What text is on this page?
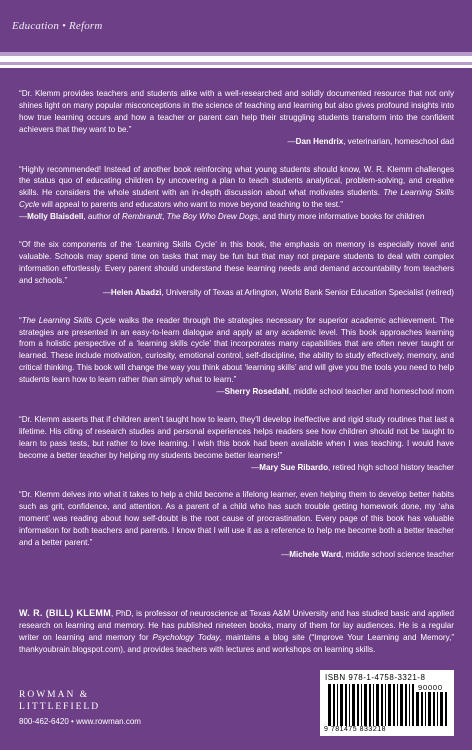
Education • Reform

“Dr. Klemm provides teachers and students alike with a well-researched and solidly documented resource that not only shines light on many popular misconceptions in the science of teaching and learning but also gives profound insights into how true learning occurs and how a teacher or parent can help their struggling students transform into the confident achievers that they want to be.”

—Dan Hendrix, veterinarian, homeschool dad

“Highly recommended! Instead of another book reinforcing what young students should know, W. R. Klemm challenges the status quo of educating children by uncovering a plan to teach students analytical, problem-solving, and creative skills. He considers the whole student with an in-depth discussion about what motivates students. The Learning Skills Cycle will appeal to parents and educators who want to move beyond teaching to the test.”

—Molly Blaisdell, author of Rembrandt, The Boy Who Drew Dogs, and thirty more informative books for children

“Of the six components of the ‘Learning Skills Cycle’ in this book, the emphasis on memory is especially novel and valuable. Schools may spend time on tasks that may be fun but that may not prepare students to deal with complex information effortlessly. Every parent should understand these learning needs and demand accountability from teachers and schools.”

—Helen Abadzi, University of Texas at Arlington, World Bank Senior Education Specialist (retired)

“The Learning Skills Cycle walks the reader through the strategies necessary for superior academic achievement. The strategies are presented in an easy-to-learn dialogue and apply at any academic level. This book approaches learning from a holistic perspective of a ‘learning skills cycle’ that incorporates many capabilities that are often never taught or learned. These include motivation, curiosity, emotional control, self-discipline, the ability to study effectively, memory, and critical thinking. This book will change the way you think about ‘learning skills’ and will give you the tools you need to help students learn how to learn rather than simply what to learn.”

—Sherry Rosedahl, middle school teacher and homeschool mom

“Dr. Klemm asserts that if children aren’t taught how to learn, they’ll develop ineffective and rigid study routines that last a lifetime. His citing of research studies and personal experiences helps readers see how children should not be taught to learn to pass tests, but rather to love learning. I wish this book had been available when I was teaching. I would have become a better teacher by helping my students become better learners!”

—Mary Sue Ribardo, retired high school history teacher

“Dr. Klemm delves into what it takes to help a child become a lifelong learner, even helping them to develop better habits such as grit, confidence, and attention. As a parent of a child who has such trouble getting homework done, my ‘aha moment’ was reading about how self-doubt is the root cause of procrastination. Every page of this book has valuable information for both teachers and parents. I know that I will use it as a reference to help me become both a better teacher and a better parent.”

—Michele Ward, middle school science teacher

W. R. (BILL) KLEMM, PhD, is professor of neuroscience at Texas A&M University and has studied basic and applied research on learning and memory. He has published nineteen books, many of them for lay audiences. He is a regular writer on learning and memory for Psychology Today, maintains a blog site (“Improve Your Learning and Memory,” thankyoubrain.blogspot.com), and provides teachers with lectures and workshops on learning skills.
ROWMAN &
LITTLEFIELD
800-462-6420 • www.rowman.com
ISBN 978-1-4758-3321-8
90000
9 781475 833218
